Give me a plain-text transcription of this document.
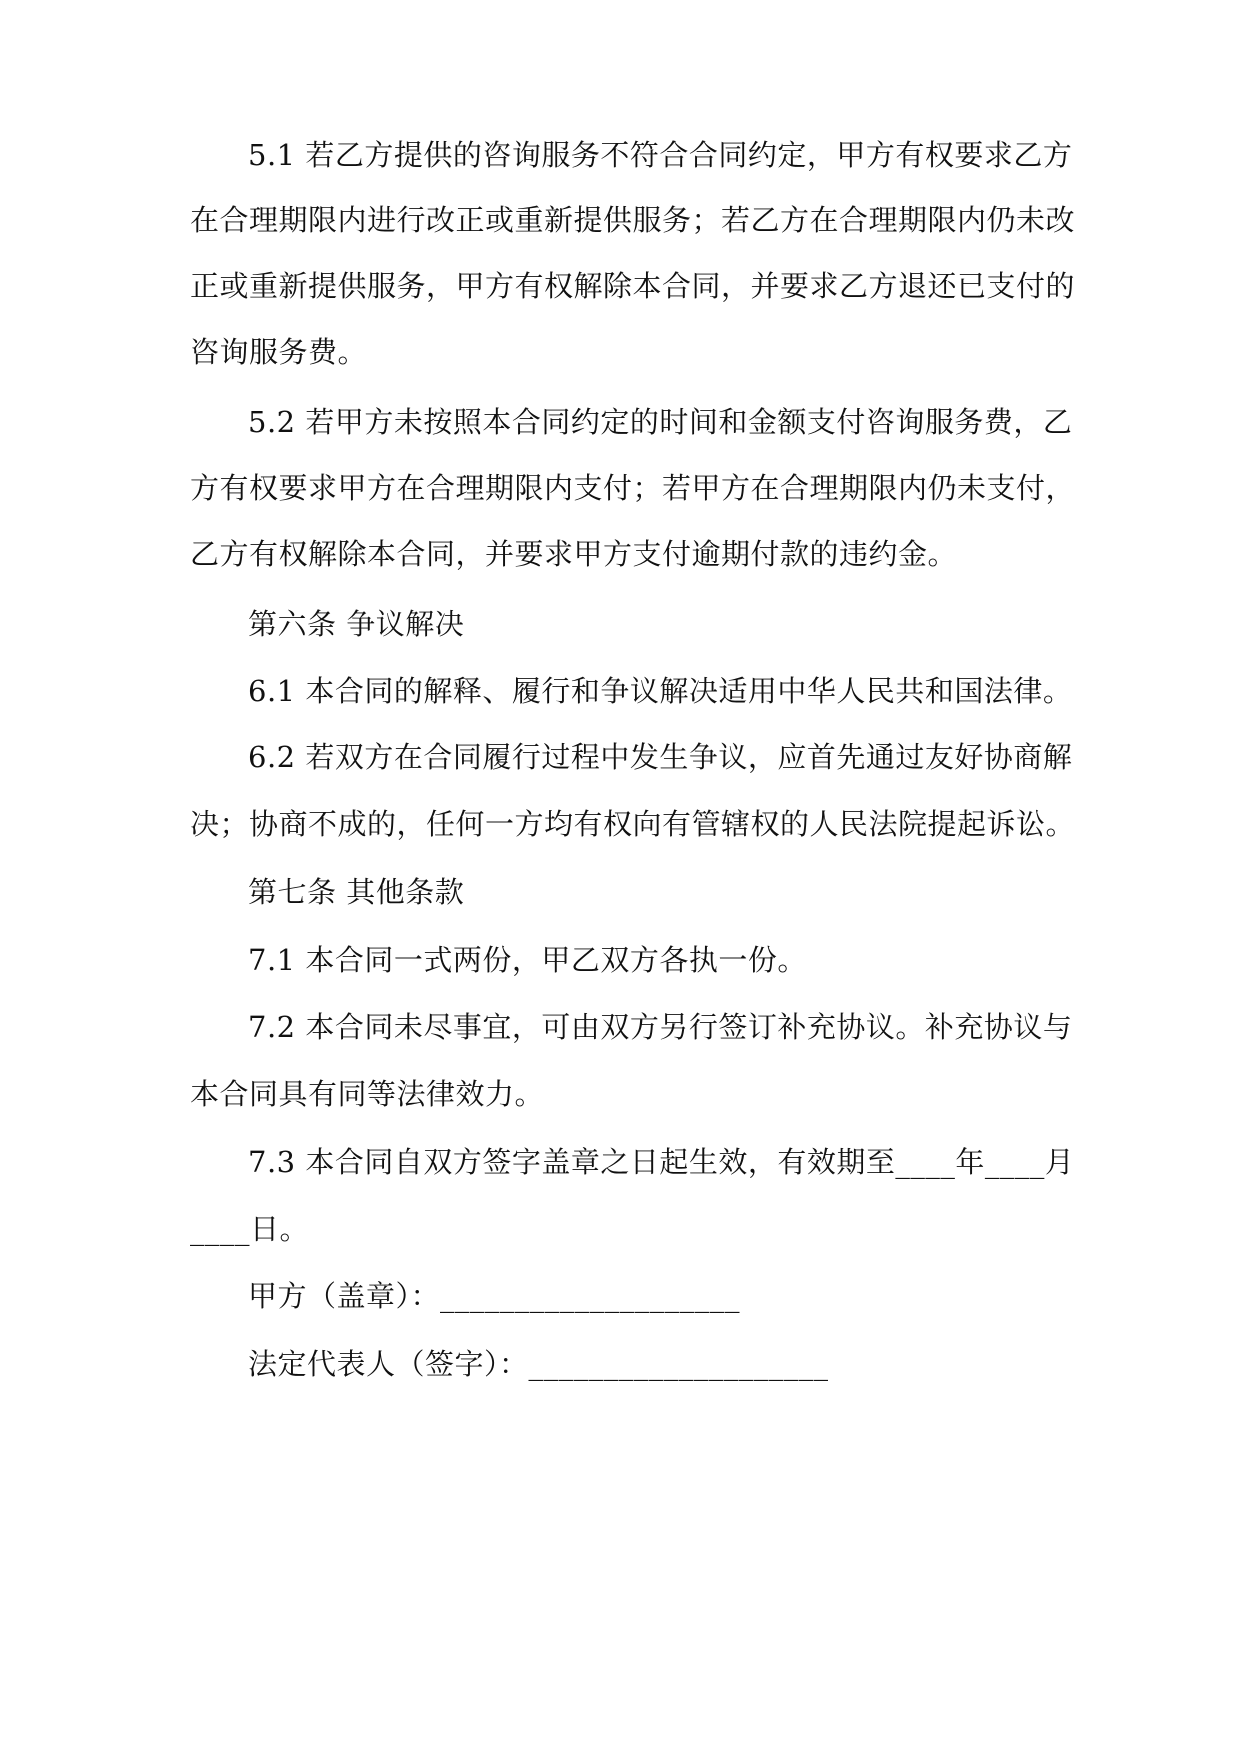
5.1 若乙方提供的咨询服务不符合合同约定，甲方有权要求乙方
在合理期限内进行改正或重新提供服务；若乙方在合理期限内仍未改
正或重新提供服务，甲方有权解除本合同，并要求乙方退还已支付的
咨询服务费。
5.2 若甲方未按照本合同约定的时间和金额支付咨询服务费，乙
方有权要求甲方在合理期限内支付；若甲方在合理期限内仍未支付，
乙方有权解除本合同，并要求甲方支付逾期付款的违约金。
第六条 争议解决
6.1 本合同的解释、履行和争议解决适用中华人民共和国法律。
6.2 若双方在合同履行过程中发生争议，应首先通过友好协商解
决；协商不成的，任何一方均有权向有管辖权的人民法院提起诉讼。
第七条 其他条款
7.1 本合同一式两份，甲乙双方各执一份。
7.2 本合同未尽事宜，可由双方另行签订补充协议。补充协议与
本合同具有同等法律效力。
7.3 本合同自双方签字盖章之日起生效，有效期至____年____月
____日。
甲方（盖章）：____________________
法定代表人（签字）：____________________
